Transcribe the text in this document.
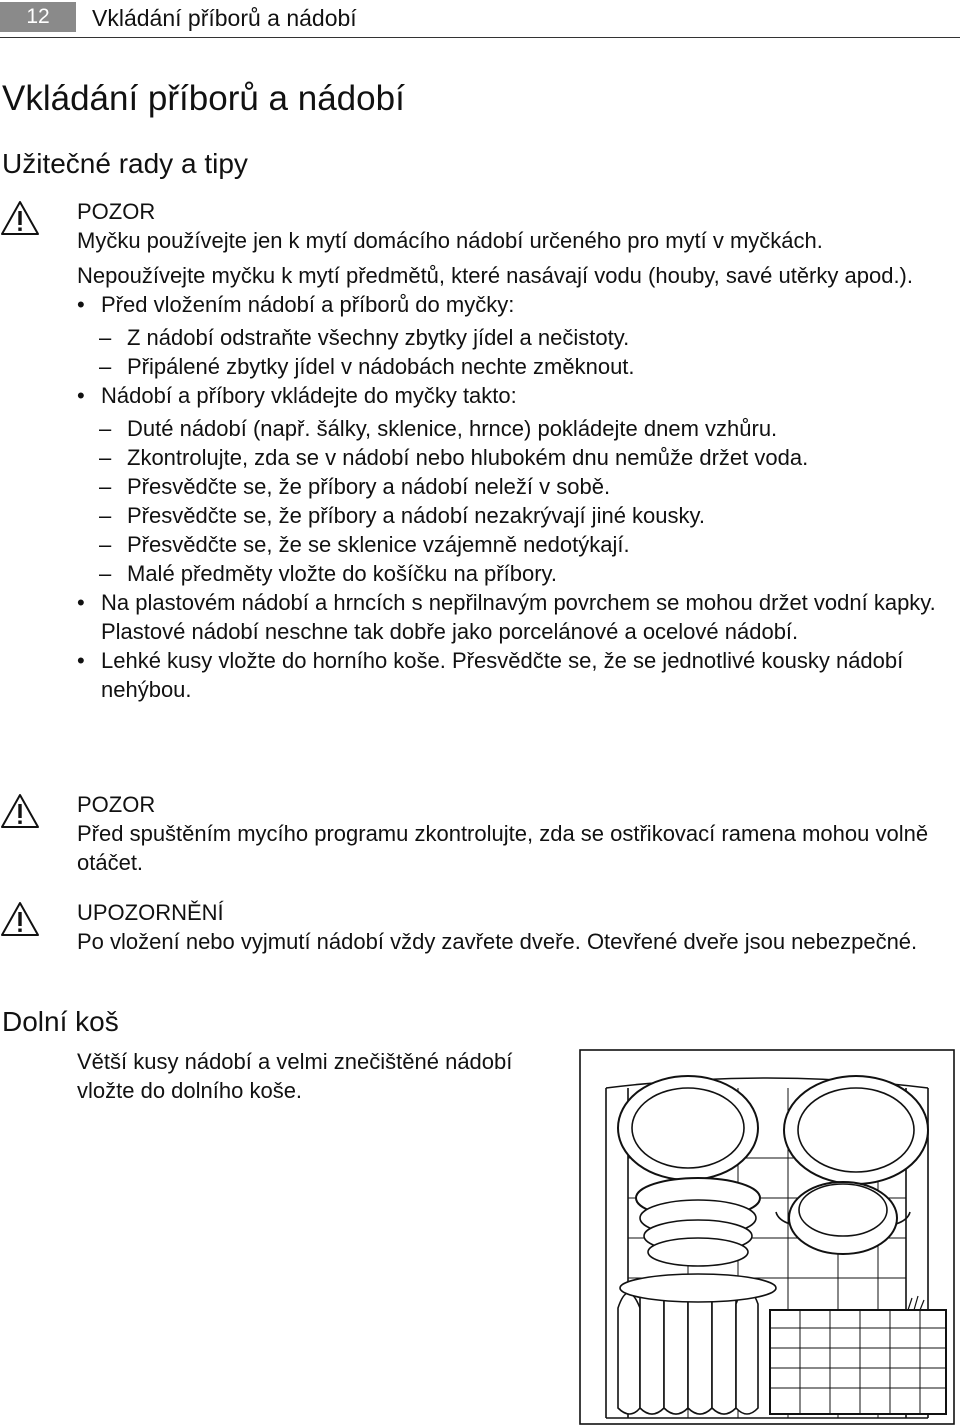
12	Vkládání příborů a nádobí
Vkládání příborů a nádobí
Užitečné rady a tipy

POZOR

Myčku používejte jen k mytí domácího nádobí určeného pro mytí v myčkách.

Nepoužívejte myčku k mytí předmětů, které nasávají vodu (houby, savé utěrky apod.).

• Před vložením nádobí a příborů do myčky:
– Z nádobí odstraňte všechny zbytky jídel a nečistoty.
– Připálené zbytky jídel v nádobách nechte změknout.
• Nádobí a příbory vkládejte do myčky takto:
– Duté nádobí (např. šálky, sklenice, hrnce) pokládejte dnem vzhůru.
– Zkontrolujte, zda se v nádobí nebo hlubokém dnu nemůže držet voda.
– Přesvědčte se, že příbory a nádobí neleží v sobě.
– Přesvědčte se, že příbory a nádobí nezakrývají jiné kousky.
– Přesvědčte se, že se sklenice vzájemně nedotýkají.
– Malé předměty vložte do košíčku na příbory.
• Na plastovém nádobí a hrncích s nepřilnavým povrchem se mohou držet vodní kapky. Plastové nádobí neschne tak dobře jako porcelánové a ocelové nádobí.
• Lehké kusy vložte do horního koše. Přesvědčte se, že se jednotlivé kousky nádobí nehýbou.

POZOR

Před spuštěním mycího programu zkontrolujte, zda se ostřikovací ramena mohou volně otáčet.

UPOZORNĚNÍ

Po vložení nebo vyjmutí nádobí vždy zavřete dveře. Otevřené dveře jsou nebezpečné.

Dolní koš
Větší kusy nádobí a velmi znečištěné nádobí vložte do dolního koše.
